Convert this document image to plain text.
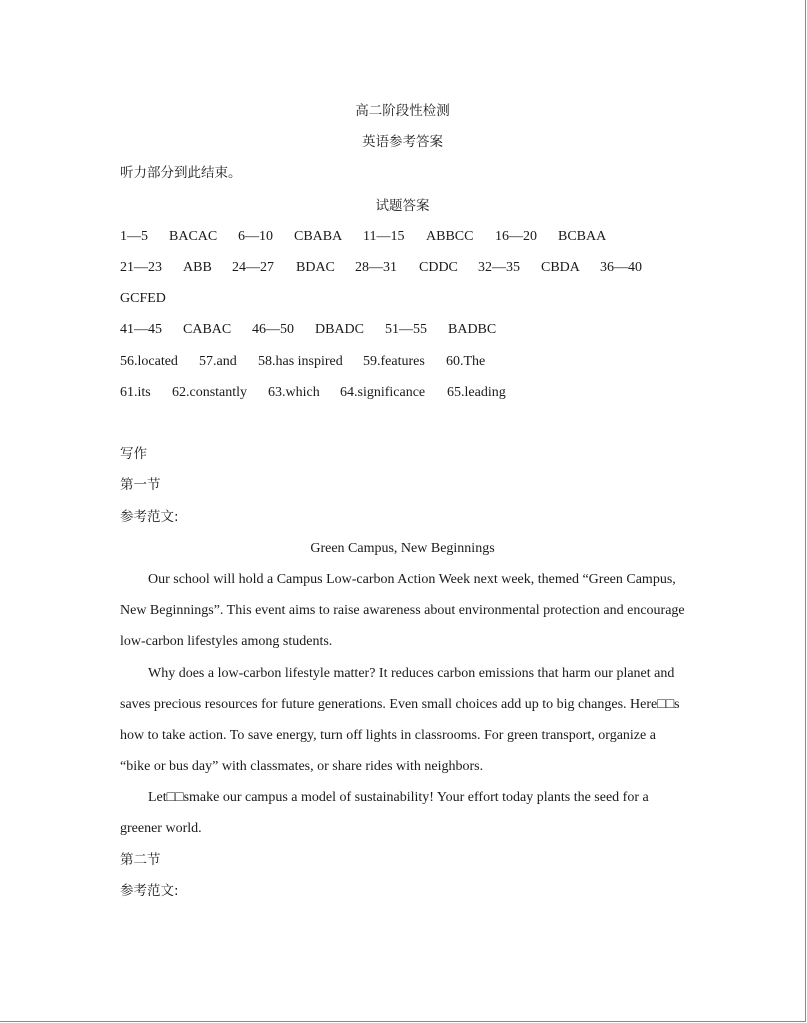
高二阶段性检测
英语参考答案
听力部分到此结束。
试题答案
1—5 BACAC 6—10 CBABA 11—15 ABBCC 16—20 BCBAA
21—23 ABB 24—27 BDAC 28—31 CDDC 32—35 CBDA 36—40
GCFED
41—45 CABAC 46—50 DBADC 51—55 BADBC
56.located 57.and 58.has inspired 59.features 60.The
61.its 62.constantly 63.which 64.significance 65.leading
写作
第一节
参考范文:
Green Campus, New Beginnings
Our school will hold a Campus Low-carbon Action Week next week, themed “Green Campus,
New Beginnings”. This event aims to raise awareness about environmental protection and encourage
low-carbon lifestyles among students.
Why does a low-carbon lifestyle matter? It reduces carbon emissions that harm our planet and
saves precious resources for future generations. Even small choices add up to big changes. Here□□s
how to take action. To save energy, turn off lights in classrooms. For green transport, organize a
“bike or bus day” with classmates, or share rides with neighbors.
Let□□smake our campus a model of sustainability! Your effort today plants the seed for a
greener world.
第二节
参考范文:
